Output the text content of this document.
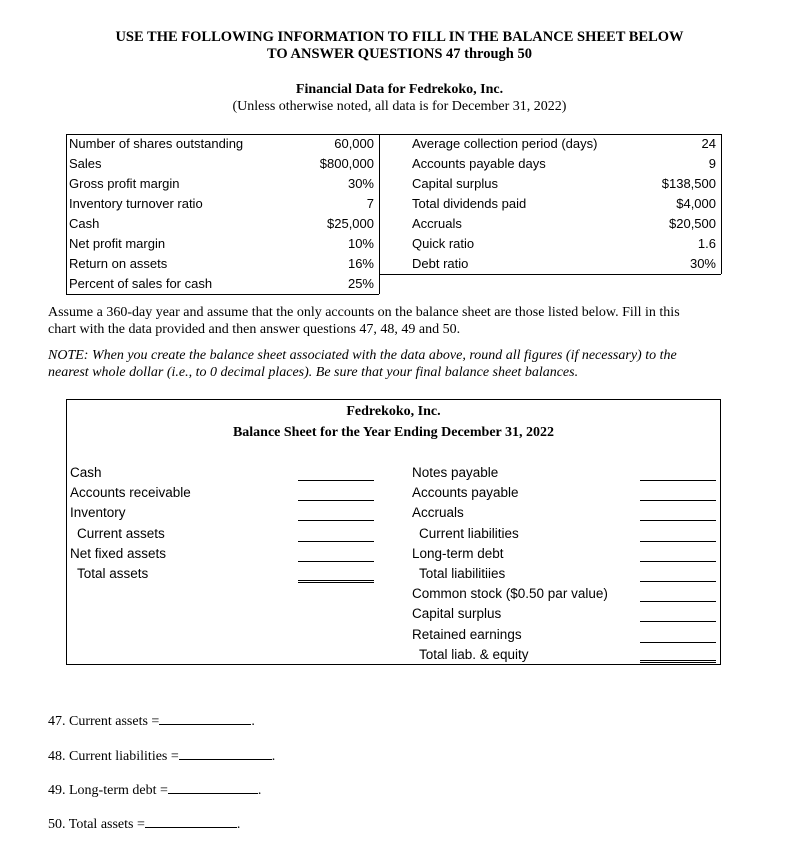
USE THE FOLLOWING INFORMATION TO FILL IN THE BALANCE SHEET BELOW
TO ANSWER QUESTIONS 47 through 50
Financial Data for Fedrekoko, Inc.
(Unless otherwise noted, all data is for December 31, 2022)
Number of shares outstanding	60,000
Sales	$800,000
Gross profit margin	30%
Inventory turnover ratio	7
Cash	$25,000
Net profit margin	10%
Return on assets	16%
Percent of sales for cash	25%
Average collection period (days)	24
Accounts payable days	9
Capital surplus	$138,500
Total dividends paid	$4,000
Accruals	$20,500
Quick ratio	1.6
Debt ratio	30%
Assume a 360-day year and assume that the only accounts on the balance sheet are those listed below. Fill in this
chart with the data provided and then answer questions 47, 48, 49 and 50.
NOTE: When you create the balance sheet associated with the data above, round all figures (if necessary) to the
nearest whole dollar (i.e., to 0 decimal places). Be sure that your final balance sheet balances.
Fedrekoko, Inc.
Balance Sheet for the Year Ending December 31, 2022
Cash
Accounts receivable
Inventory
Current assets
Net fixed assets
Total assets
Notes payable
Accounts payable
Accruals
Current liabilities
Long-term debt
Total liabilitiies
Common stock ($0.50 par value)
Capital surplus
Retained earnings
Total liab. & equity
47. Current assets =	.
48. Current liabilities =	.
49. Long-term debt =	.
50. Total assets =	.
